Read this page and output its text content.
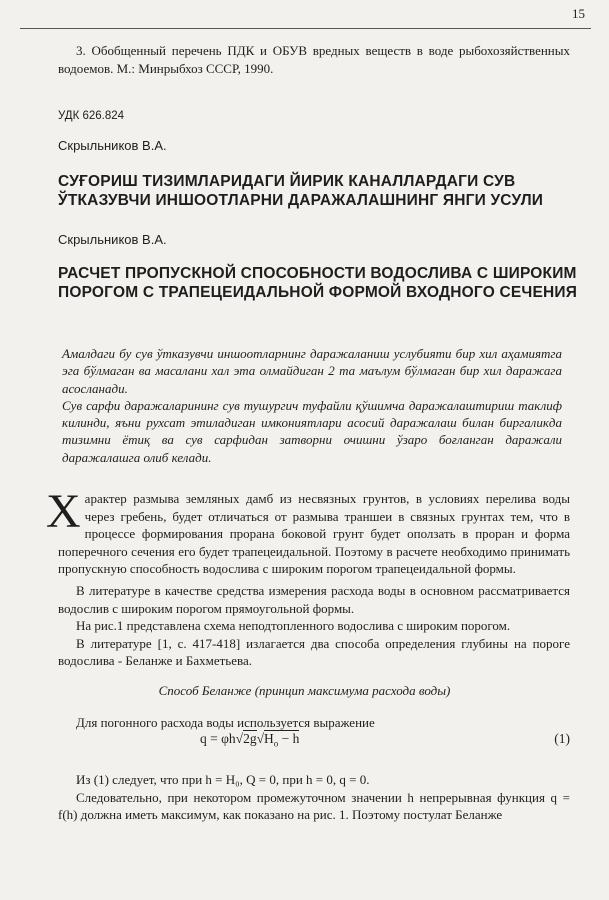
15
3. Обобщенный перечень ПДК и ОБУВ вредных веществ в воде рыбохозяйственных водоемов. М.: Минрыбхоз СССР, 1990.
УДК 626.824
Скрыльников В.А.
СУҒОРИШ ТИЗИМЛАРИДАГИ ЙИРИК КАНАЛЛАРДАГИ СУВ ЎТКАЗУВЧИ ИНШООТЛАРНИ ДАРАЖАЛАШНИНГ ЯНГИ УСУЛИ
Скрыльников В.А.
РАСЧЕТ ПРОПУСКНОЙ СПОСОБНОСТИ ВОДОСЛИВА С ШИРОКИМ ПОРОГОМ С ТРАПЕЦЕИДАЛЬНОЙ ФОРМОЙ ВХОДНОГО СЕЧЕНИЯ

Амалдаги бу сув ўтказувчи иншоотларнинг даражаланиш услубияти бир хил аҳамиятга эга бўлмаган ва масалани хал эта олмайдиган 2 та маълум бўлмаган бир хил даражага асосланади.

Сув сарфи даражаларининг сув тушургич туфайли қўшимча даражалаштириш таклиф килинди, яъни рухсат этиладиган имкониятлари асосий даражалаш билан биргаликда тизимни ётиқ ва сув сарфидан затворни очишни ўзаро боғланган даражали даражалашга олиб келади.

Характер размыва земляных дамб из несвязных грунтов, в условиях перелива воды через гребень, будет отличаться от размыва траншеи в связных грунтах тем, что в процессе формирования прорана боковой грунт будет оползать в проран и форма поперечного сечения его будет трапецеидальной. Поэтому в расчете необходимо принимать пропускную способность водослива с широким порогом трапецеидальной формы.

В литературе в качестве средства измерения расхода воды в основном рассматривается водослив с широким порогом прямоугольной формы.

На рис.1 представлена схема неподтопленного водослива с широким порогом.

В литературе [1, с. 417-418] излагается два способа определения глубины на пороге водослива - Беланже и Бахметьева.

Способ Беланже (принцип максимума расхода воды)

Для погонного расхода воды используется выражение

$q = \varphi h√2g√H_o - h$	(1)

Из (1) следует, что при h = H₀, Q = 0, при h = 0, q = 0.

Следовательно, при некотором промежуточном значении h непрерывная функция q = f(h) должна иметь максимум, как показано на рис. 1. Поэтому постулат Беланже
